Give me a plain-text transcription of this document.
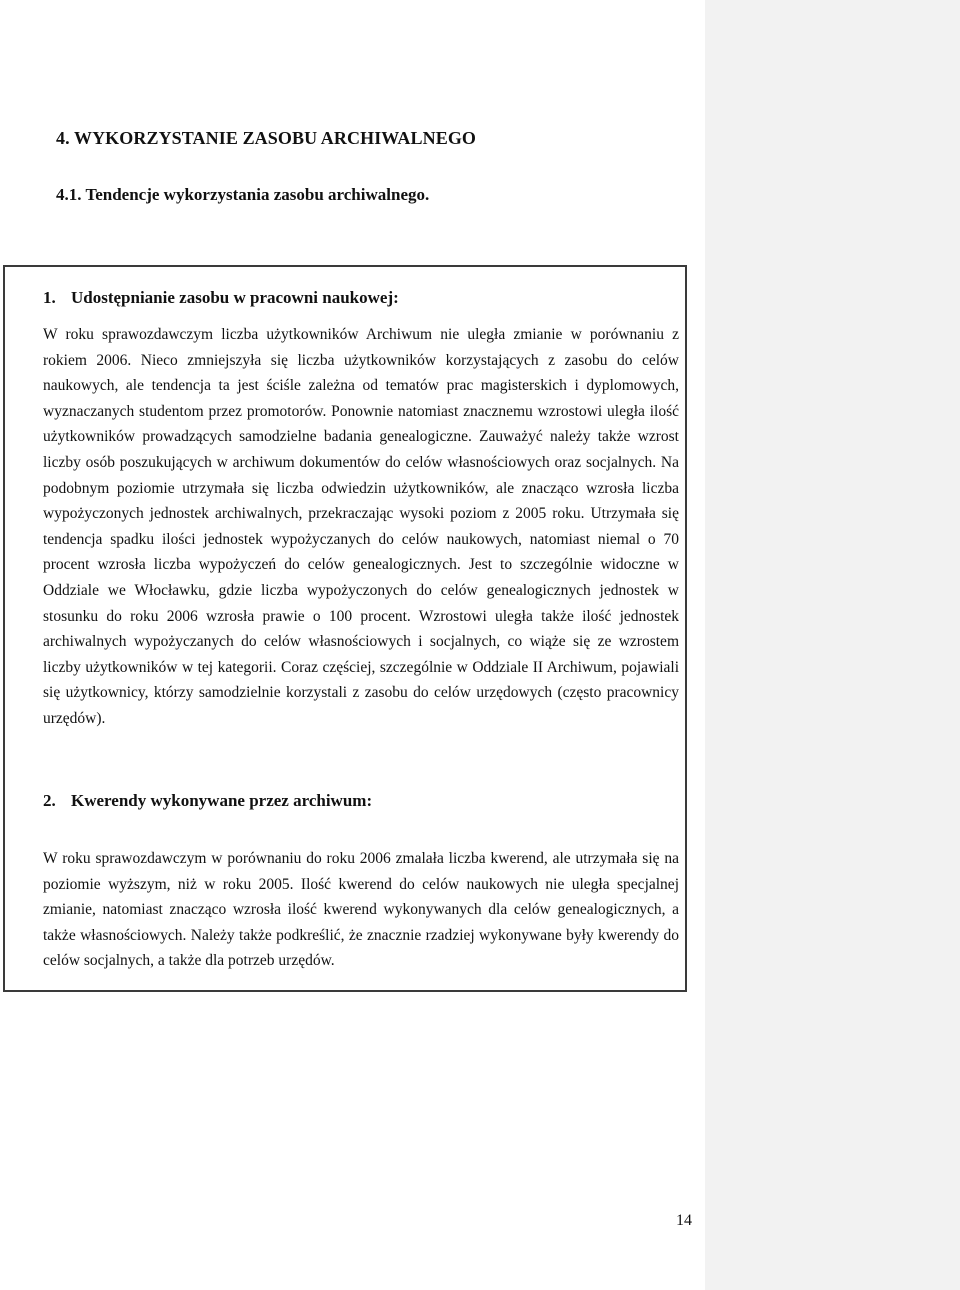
4. WYKORZYSTANIE ZASOBU ARCHIWALNEGO
4.1. Tendencje wykorzystania zasobu archiwalnego.

1. Udostępnianie zasobu w pracowni naukowej:

W roku sprawozdawczym liczba użytkowników Archiwum nie uległa zmianie w porównaniu z rokiem 2006. Nieco zmniejszyła się liczba użytkowników korzystających z zasobu do celów naukowych, ale tendencja ta jest ściśle zależna od tematów prac magisterskich i dyplomowych, wyznaczanych studentom przez promotorów. Ponownie natomiast znacznemu wzrostowi uległa ilość użytkowników prowadzących samodzielne badania genealogiczne. Zauważyć należy także wzrost liczby osób poszukujących w archiwum dokumentów do celów własnościowych oraz socjalnych. Na podobnym poziomie utrzymała się liczba odwiedzin użytkowników, ale znacząco wzrosła liczba wypożyczonych jednostek archiwalnych, przekraczając wysoki poziom z 2005 roku. Utrzymała się tendencja spadku ilości jednostek wypożyczanych do celów naukowych, natomiast niemal o 70 procent wzrosła liczba wypożyczeń do celów genealogicznych. Jest to szczególnie widoczne w Oddziale we Włocławku, gdzie liczba wypożyczonych do celów genealogicznych jednostek w stosunku do roku 2006 wzrosła prawie o 100 procent. Wzrostowi uległa także ilość jednostek archiwalnych wypożyczanych do celów własnościowych i socjalnych, co wiąże się ze wzrostem liczby użytkowników w tej kategorii. Coraz częściej, szczególnie w Oddziale II Archiwum, pojawiali się użytkownicy, którzy samodzielnie korzystali z zasobu do celów urzędowych (często pracownicy urzędów).

2. Kwerendy wykonywane przez archiwum:

W roku sprawozdawczym w porównaniu do roku 2006 zmalała liczba kwerend, ale utrzymała się na poziomie wyższym, niż w roku 2005. Ilość kwerend do celów naukowych nie uległa specjalnej zmianie, natomiast znacząco wzrosła ilość kwerend wykonywanych dla celów genealogicznych, a także własnościowych. Należy także podkreślić, że znacznie rzadziej wykonywane były kwerendy do celów socjalnych, a także dla potrzeb urzędów.

14
